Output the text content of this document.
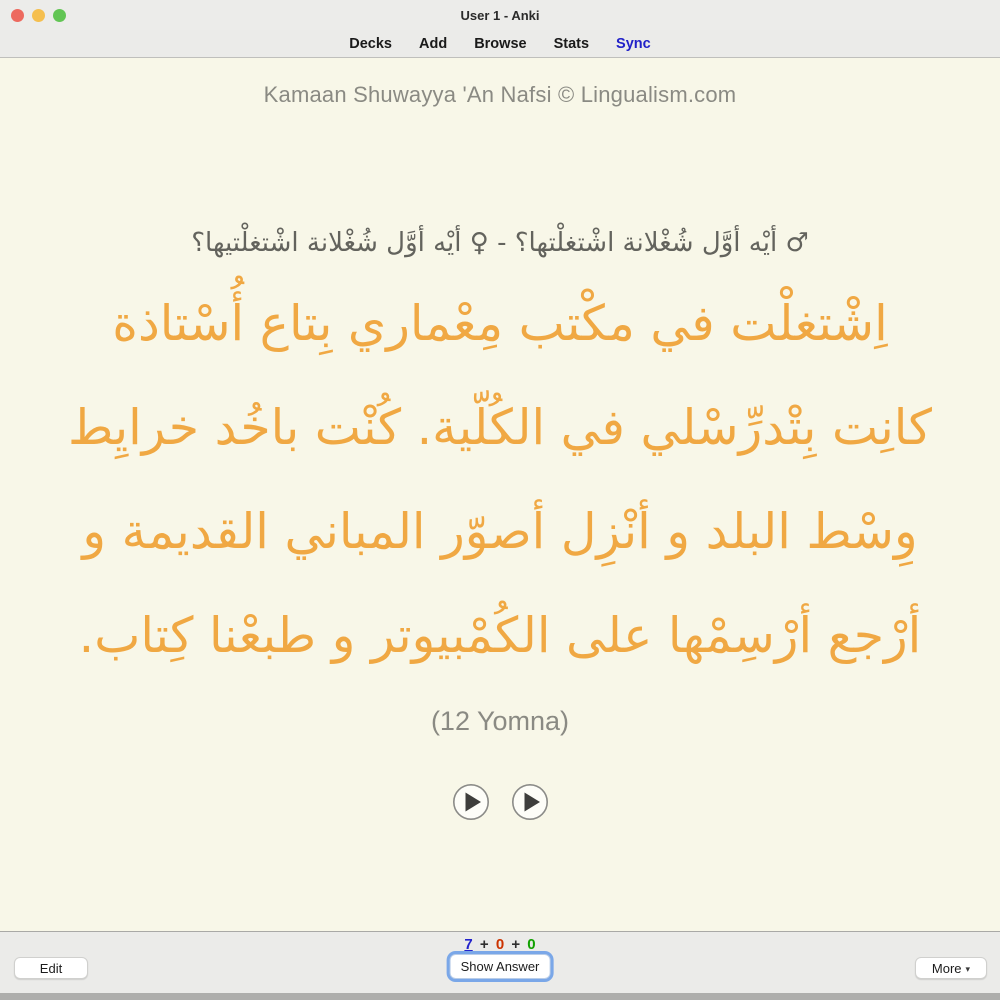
User 1 - Anki
Decks Add Browse Stats Sync
Kamaan Shuwayya 'An Nafsi © Lingualism.com
♂ أيْه أوَّل شُغْلانة اشْتغلْتها؟ - ♀ أيْه أوَّل شُغْلانة اشْتغلْتيها؟
اِشْتغلْت في مكْتب مِعْماري بِتاع أُسْتاذة
كانِت بِتْدرِّسْلي في الكُلّية. كُنْت باخُد خرايِط
وِسْط البلد و أنْزِل أصوّر المباني القديمة و
أرْجع أرْسِمْها على الكُمْبيوتر و طبعْنا كِتاب.
(12 Yomna)
7 + 0 + 0
Edit	Show Answer	More ▾
